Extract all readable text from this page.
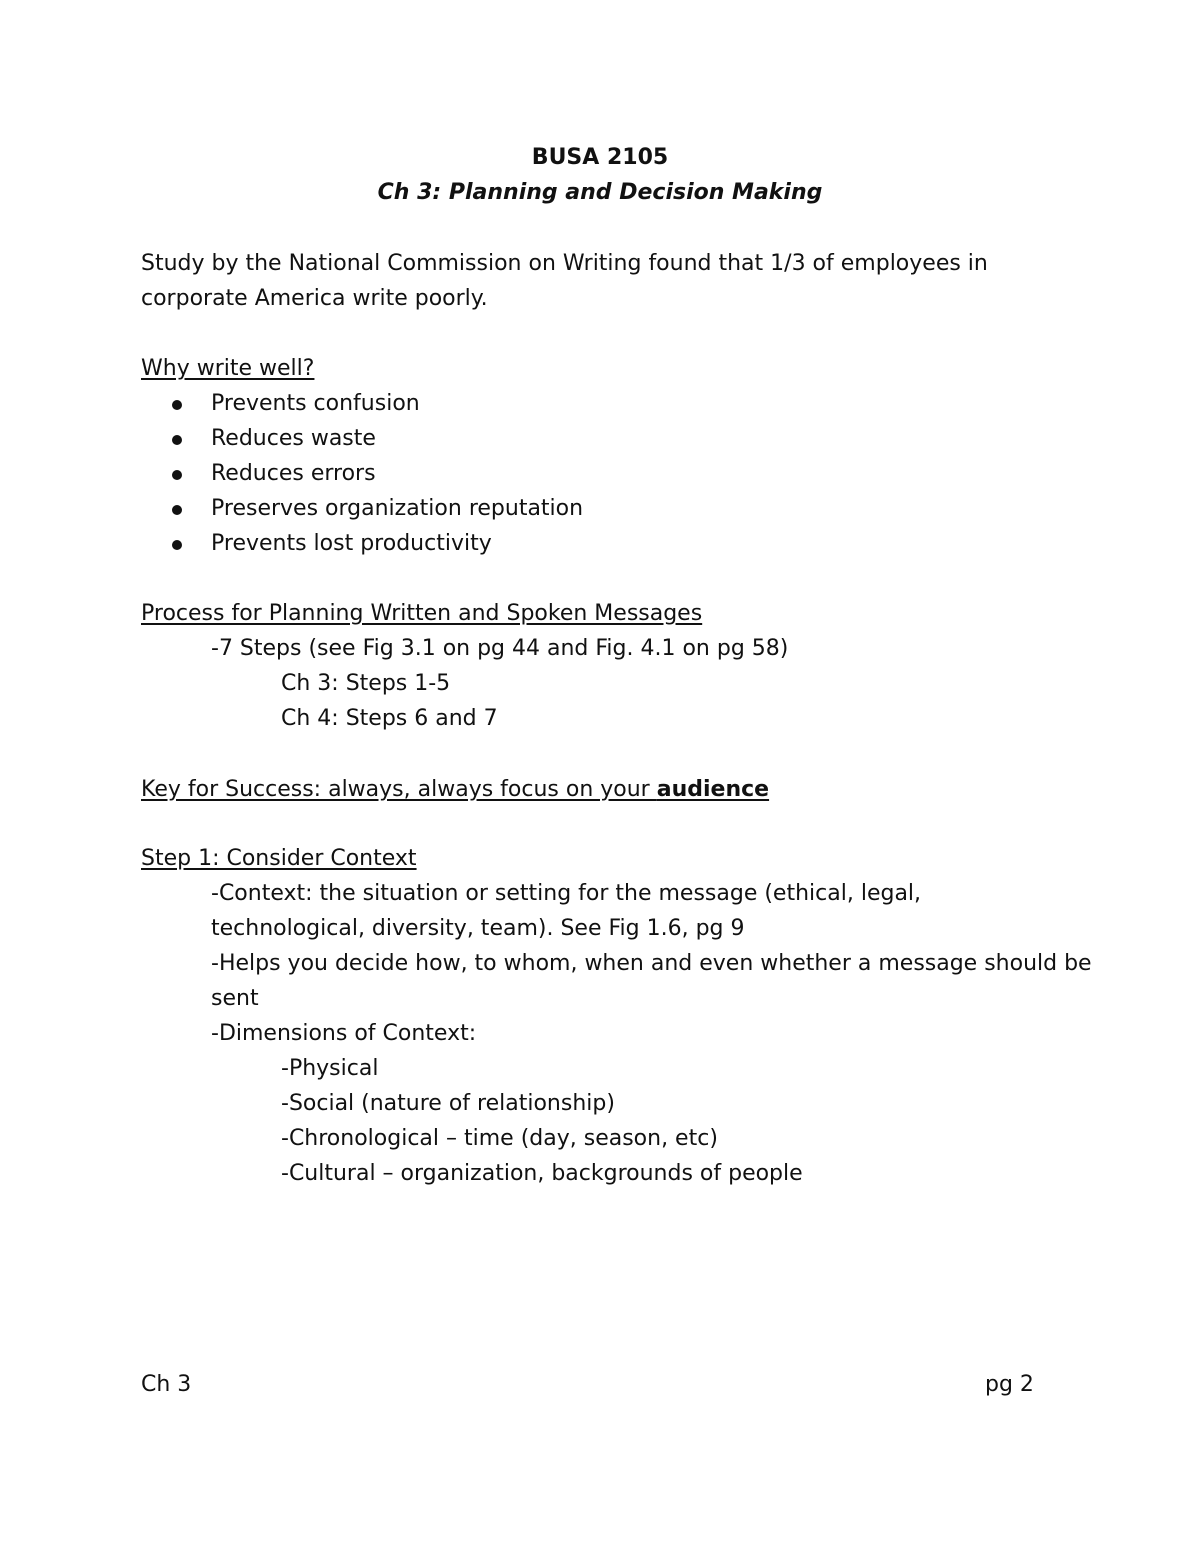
BUSA 2105
Ch 3: Planning and Decision Making
Study by the National Commission on Writing found that 1/3 of employees in
corporate America write poorly.
Why write well?
Prevents confusion
Reduces waste
Reduces errors
Preserves organization reputation
Prevents lost productivity
Process for Planning Written and Spoken Messages
-7 Steps (see Fig 3.1 on pg 44 and Fig. 4.1 on pg 58)
Ch 3: Steps 1-5
Ch 4: Steps 6 and 7
Key for Success: always, always focus on your audience
Step 1: Consider Context
-Context: the situation or setting for the message (ethical, legal,
technological, diversity, team). See Fig 1.6, pg 9
-Helps you decide how, to whom, when and even whether a message should be
sent
-Dimensions of Context:
-Physical
-Social (nature of relationship)
-Chronological – time (day, season, etc)
-Cultural – organization, backgrounds of people
Ch 3	pg 2
